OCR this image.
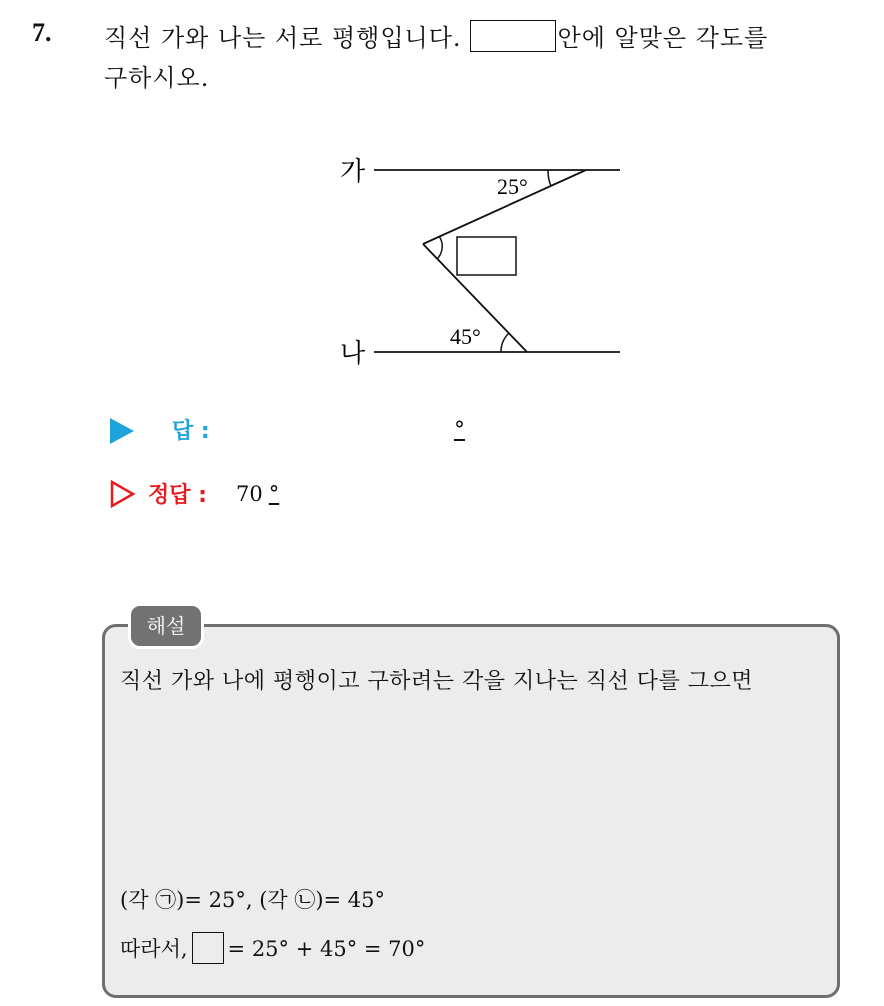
7. 직선 가와 나는 서로 평행입니다.	안에 알맞은 각도를
구하시오.
가
나
25°
45°
답 :	°
정답 : 70 °
해설
직선 가와 나에 평행이고 구하려는 각을 지나는 직선 다를 그으면
(각 ㉠)= 25°, (각 ㉡)= 45°
따라서, = 25° + 45° = 70°
